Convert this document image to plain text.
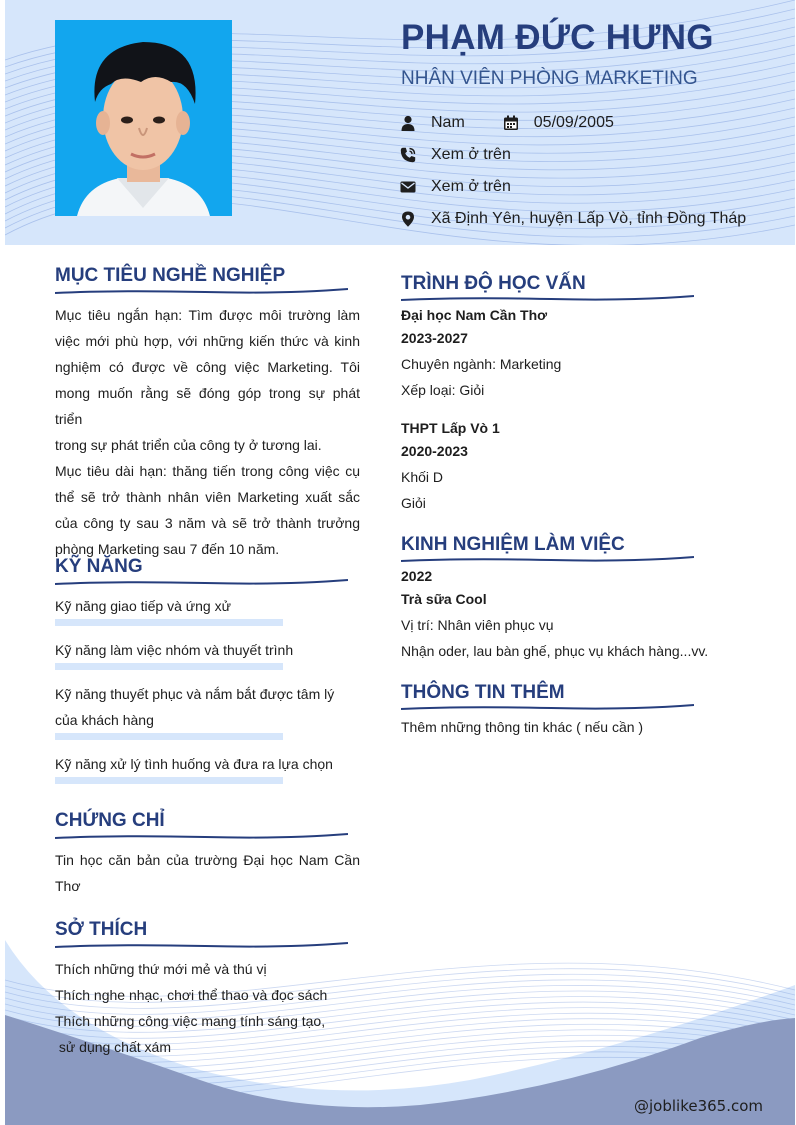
PHẠM ĐỨC HƯNG
NHÂN VIÊN PHÒNG MARKETING
Nam	05/09/2005
Xem ở trên
Xem ở trên
Xã Định Yên, huyện Lấp Vò, tỉnh Đồng Tháp
MỤC TIÊU NGHỀ NGHIỆP
Mục tiêu ngắn hạn: Tìm được môi trường làm
việc mới phù hợp, với những kiến thức và kinh
nghiệm có được về công việc Marketing. Tôi
mong muốn rằng sẽ đóng góp trong sự phát triển
trong sự phát triển của công ty ở tương lai.
Mục tiêu dài hạn: thăng tiến trong công việc cụ
thể sẽ trở thành nhân viên Marketing xuất sắc
của công ty sau 3 năm và sẽ trở thành trưởng
phòng Marketing sau 7 đến 10 năm.
KỸ NĂNG
Kỹ năng giao tiếp và ứng xử
Kỹ năng làm việc nhóm và thuyết trình
Kỹ năng thuyết phục và nắm bắt được tâm lý
của khách hàng
Kỹ năng xử lý tình huống và đưa ra lựa chọn
CHỨNG CHỈ
Tin học căn bản của trường Đại học Nam Cần
Thơ
SỞ THÍCH
Thích những thứ mới mẻ và thú vị
Thích nghe nhạc, chơi thể thao và đọc sách
Thích những công việc mang tính sáng tạo,
sử dụng chất xám
TRÌNH ĐỘ HỌC VẤN
Đại học Nam Cần Thơ
2023-2027
Chuyên ngành: Marketing
Xếp loại: Giỏi
THPT Lấp Vò 1
2020-2023
Khối D
Giỏi
KINH NGHIỆM LÀM VIỆC
2022
Trà sữa Cool
Vị trí: Nhân viên phục vụ
Nhận oder, lau bàn ghế, phục vụ khách hàng...vv.
THÔNG TIN THÊM
Thêm những thông tin khác ( nếu cần )
@joblike365.com
